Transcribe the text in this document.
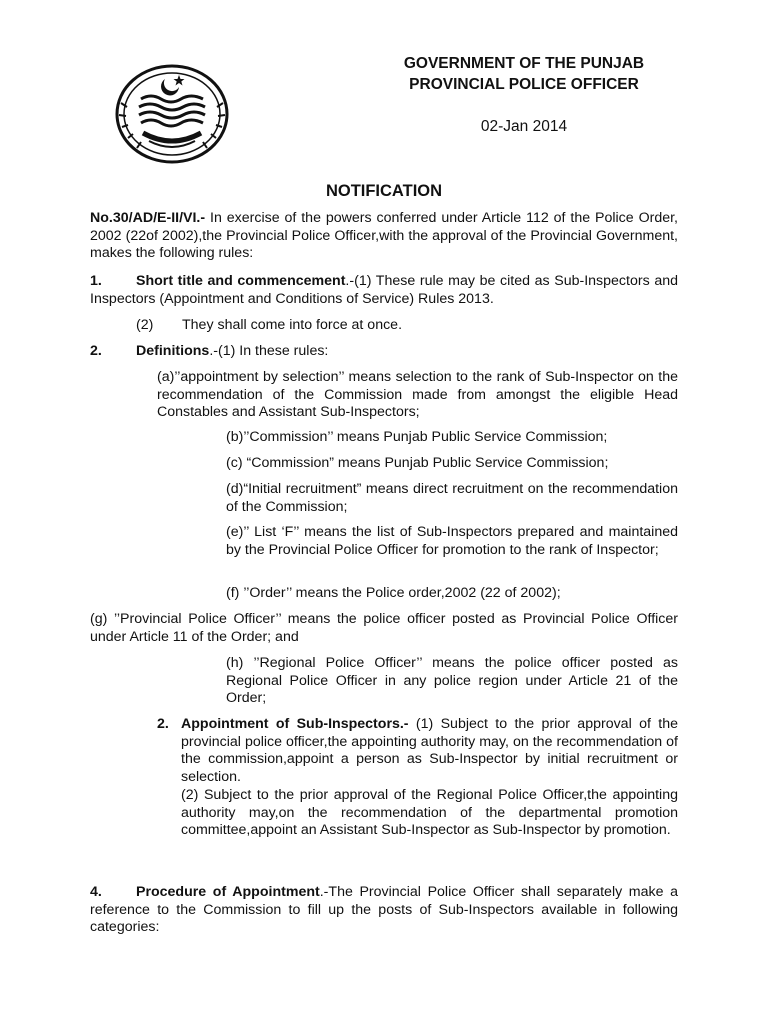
GOVERNMENT OF THE PUNJAB
PROVINCIAL POLICE OFFICER
02-Jan 2014
NOTIFICATION
No.30/AD/E-II/VI.- In exercise of the powers conferred under Article 112 of the Police Order, 2002 (22of 2002),the Provincial Police Officer,with the approval of the Provincial Government, makes the following rules:
1. Short title and commencement.-(1) These rule may be cited as Sub-Inspectors and Inspectors (Appointment and Conditions of Service) Rules 2013.
(2) They shall come into force at once.
2. Definitions.-(1) In these rules:
(a)’’appointment by selection’’ means selection to the rank of Sub-Inspector on the recommendation of the Commission made from amongst the eligible Head Constables and Assistant Sub-Inspectors;
(b)’’Commission’’ means Punjab Public Service Commission;
(c) “Commission” means Punjab Public Service Commission;
(d)“Initial recruitment” means direct recruitment on the recommendation of the Commission;
(e)’’ List ‘F’’ means the list of Sub-Inspectors prepared and maintained by the Provincial Police Officer for promotion to the rank of Inspector;
(f) ’’Order’’ means the Police order,2002 (22 of 2002);
(g) ’’Provincial Police Officer’’ means the police officer posted as Provincial Police Officer under Article 11 of the Order; and
(h) ’’Regional Police Officer’’ means the police officer posted as Regional Police Officer in any police region under Article 21 of the Order;
2. Appointment of Sub-Inspectors.- (1) Subject to the prior approval of the provincial police officer,the appointing authority may, on the recommendation of the commission,appoint a person as Sub-Inspector by initial recruitment or selection.
(2) Subject to the prior approval of the Regional Police Officer,the appointing authority may,on the recommendation of the departmental promotion committee,appoint an Assistant Sub-Inspector as Sub-Inspector by promotion.
4. Procedure of Appointment.-The Provincial Police Officer shall separately make a reference to the Commission to fill up the posts of Sub-Inspectors available in following categories:
